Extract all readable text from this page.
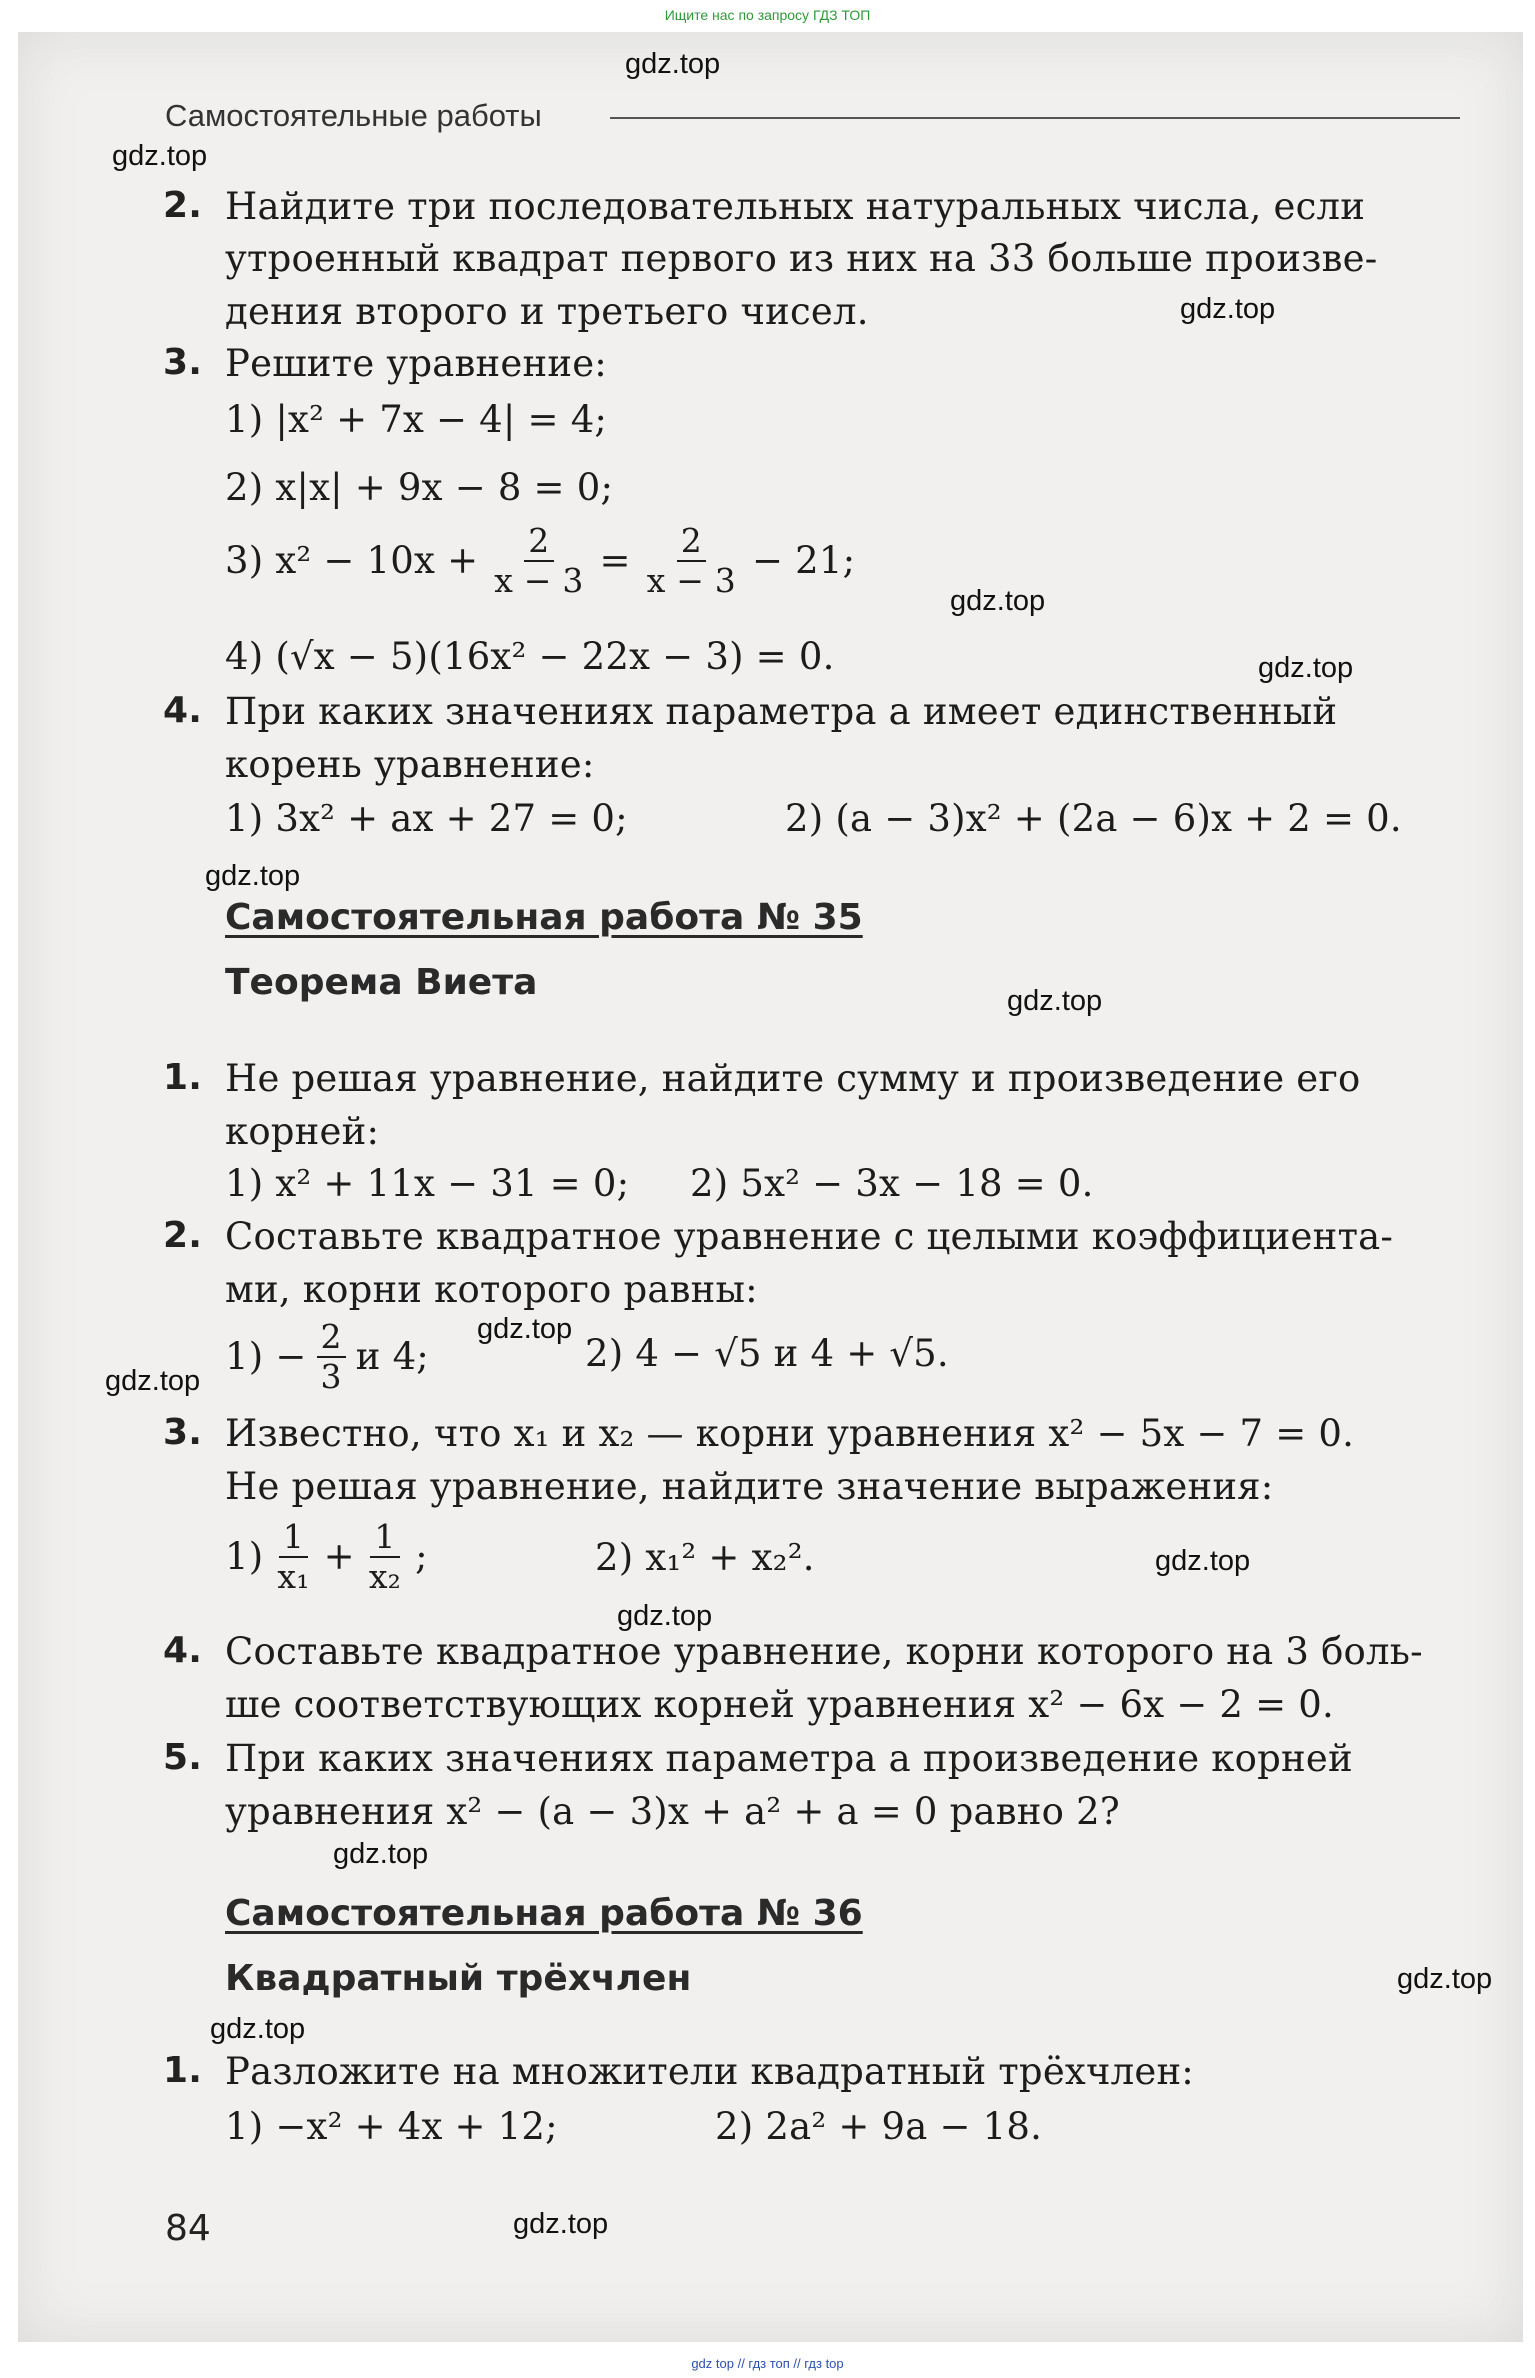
Ищите нас по запросу ГДЗ ТОП
Самостоятельные работы
2. Найдите три последовательных натуральных числа, если
утроенный квадрат первого из них на 33 больше произве-
дения второго и третьего чисел.
3. Решите уравнение:
1) |x² + 7x − 4| = 4;
2) x|x| + 9x − 8 = 0;
3) $x^2 - 10x + \frac{2}{x - 3} = \frac{2}{x - 3} - 21$;
4) (√x − 5)(16x² − 22x − 3) = 0.
4. При каких значениях параметра a имеет единственный
корень уравнение:
1) 3x² + ax + 27 = 0;	2) (a − 3)x² + (2a − 6)x + 2 = 0.
Самостоятельная работа № 35
Теорема Виета
1. Не решая уравнение, найдите сумму и произведение его
корней:
1) x² + 11x − 31 = 0; 2) 5x² − 3x − 18 = 0.
2. Составьте квадратное уравнение с целыми коэффициента-
ми, корни которого равны:
$1) - \frac{2}{3}$ и 4;	2) 4 − √5 и 4 + √5.
3. Известно, что x₁ и x₂ — корни уравнения x² − 5x − 7 = 0.
Не решая уравнение, найдите значение выражения:
$1) \frac{1}{\text{x₁}} + \frac{1}{\text{x₂}}$ ;	2) x₁² + x₂².
4. Составьте квадратное уравнение, корни которого на 3 боль-
ше соответствующих корней уравнения x² − 6x − 2 = 0.
5. При каких значениях параметра a произведение корней
уравнения x² − (a − 3)x + a² + a = 0 равно 2?
Самостоятельная работа № 36
Квадратный трёхчлен
1. Разложите на множители квадратный трёхчлен:
1) −x² + 4x + 12;	2) 2a² + 9a − 18.
84
gdz.top
gdz.top
gdz.top
gdz.top
gdz.top
gdz.top
gdz.top
gdz.top
gdz.top
gdz.top
gdz.top
gdz.top
gdz.top
gdz.top
gdz.top
gdz top // гдз топ // гдз top
